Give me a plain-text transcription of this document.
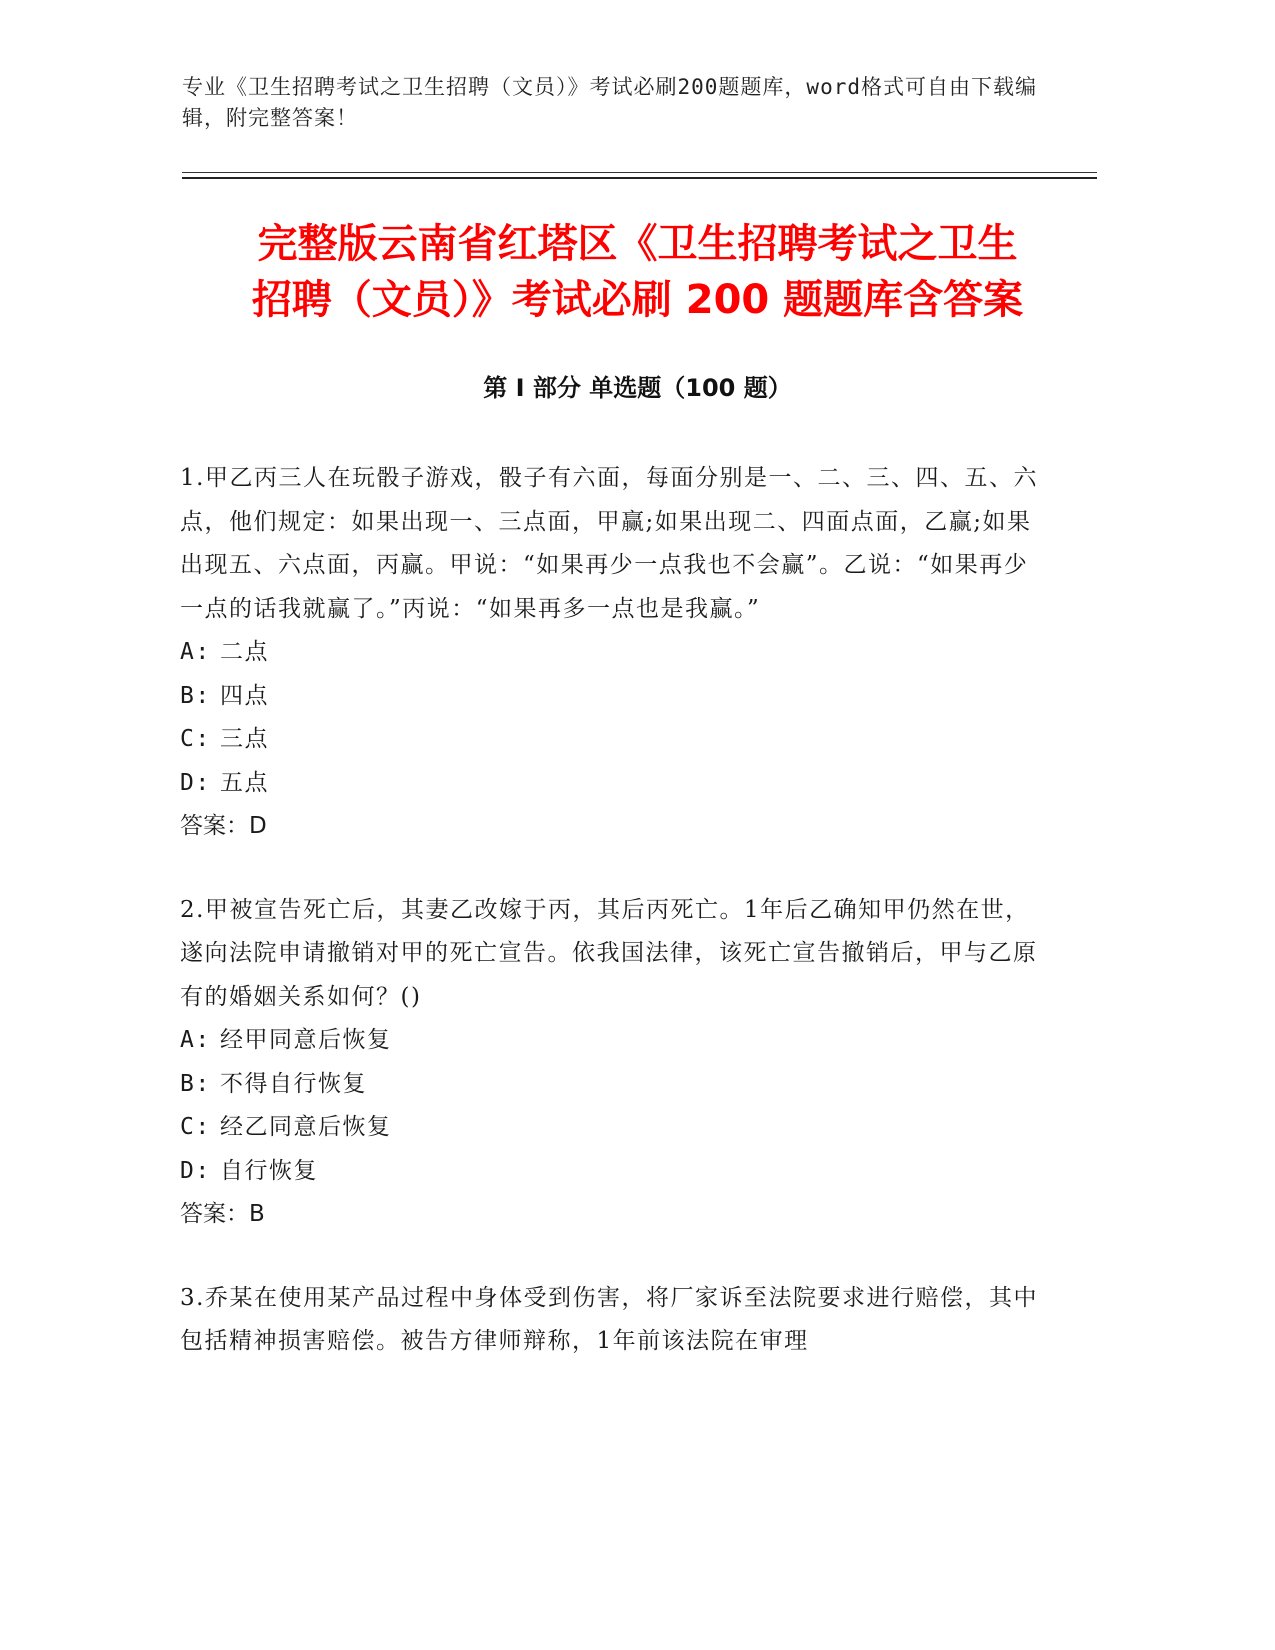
专业《卫生招聘考试之卫生招聘（文员）》考试必刷200题题库，word格式可自由下载编辑，附完整答案！
完整版云南省红塔区《卫生招聘考试之卫生
招聘（文员）》考试必刷 200 题题库含答案
第 I 部分 单选题（100 题）

1.甲乙丙三人在玩骰子游戏，骰子有六面，每面分别是一、二、三、四、五、六点，他们规定：如果出现一、三点面，甲赢;如果出现二、四面点面，乙赢;如果出现五、六点面，丙赢。甲说：“如果再少一点我也不会赢”。乙说：“如果再少一点的话我就赢了。”丙说：“如果再多一点也是我赢。”

A: 二点

B: 四点

C: 三点

D: 五点

答案：D

2.甲被宣告死亡后，其妻乙改嫁于丙，其后丙死亡。1年后乙确知甲仍然在世，遂向法院申请撤销对甲的死亡宣告。依我国法律，该死亡宣告撤销后，甲与乙原有的婚姻关系如何？()

A: 经甲同意后恢复

B: 不得自行恢复

C: 经乙同意后恢复

D: 自行恢复

答案：B

3.乔某在使用某产品过程中身体受到伤害，将厂家诉至法院要求进行赔偿，其中包括精神损害赔偿。被告方律师辩称，1年前该法院在审理
